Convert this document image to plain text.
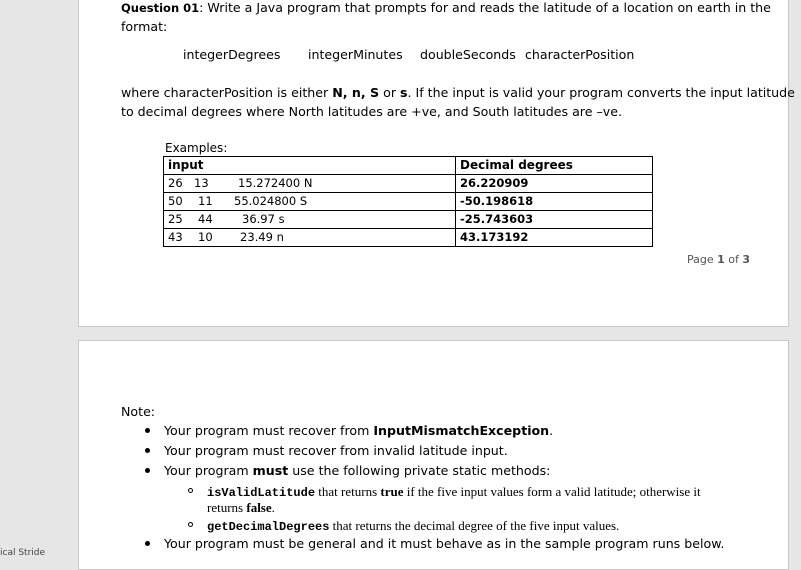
Question 01: Write a Java program that prompts for and reads the latitude of a location on earth in the
format:
integerDegrees integerMinutes doubleSeconds characterPosition
where characterPosition is either N, n, S or s. If the input is valid your program converts the input latitude
to decimal degrees where North latitudes are +ve, and South latitudes are –ve.
Examples:
input	Decimal degrees
26 13 15.272400 N	26.220909
50 11 55.024800 S	-50.198618
25 44 36.97 s	-25.743603
43 10 23.49 n	43.173192
Page 1 of 3
Note:
Your program must recover from InputMismatchException.
Your program must recover from invalid latitude input.
Your program must use the following private static methods:
isValidLatitude that returns true if the five input values form a valid latitude; otherwise it
returns false.
getDecimalDegrees that returns the decimal degree of the five input values.
Your program must be general and it must behave as in the sample program runs below.
ical Stride
